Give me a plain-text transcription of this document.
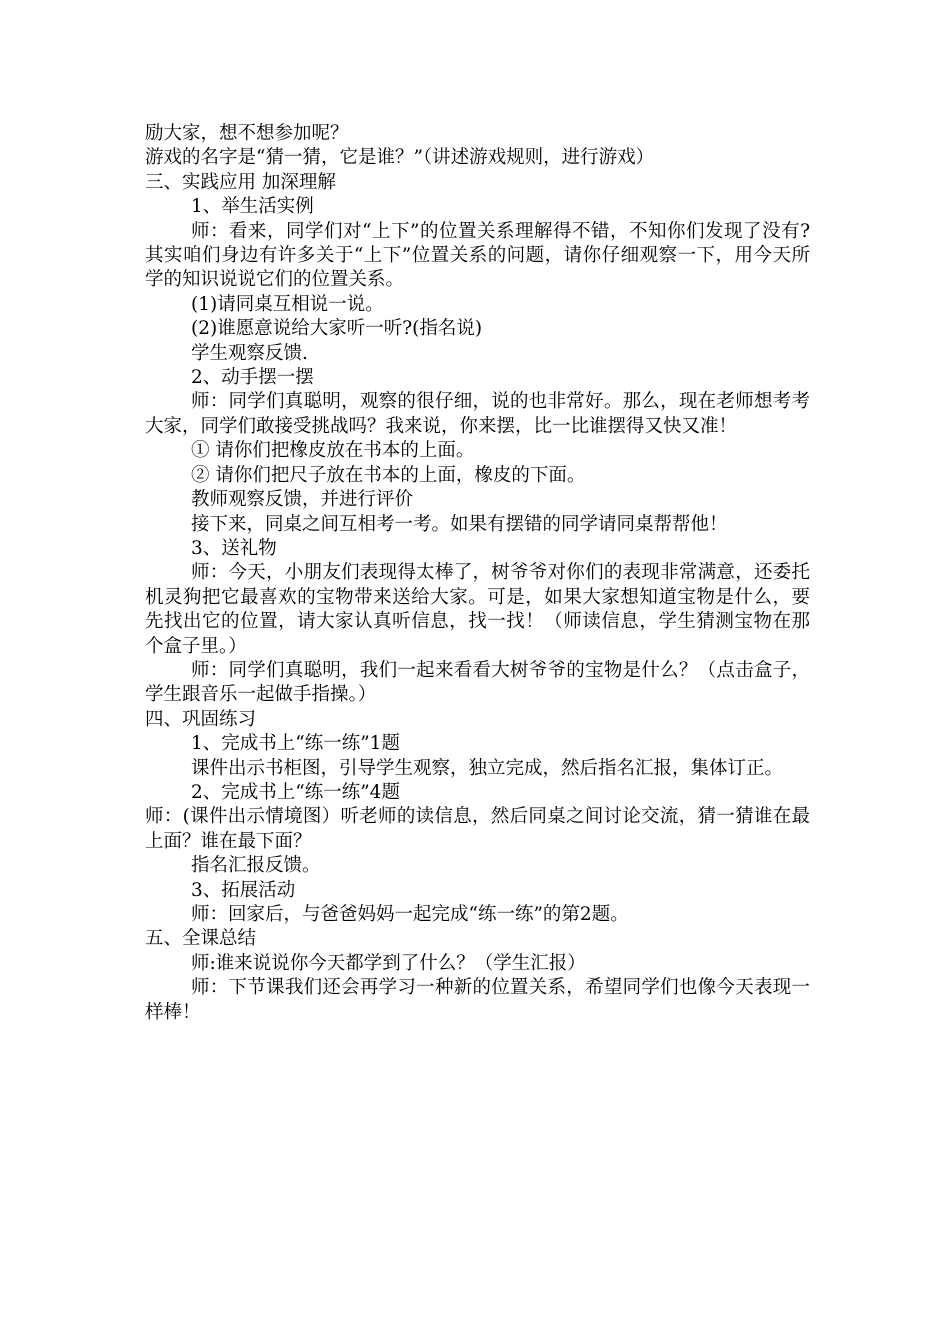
励大家，想不想参加呢？

游戏的名字是“猜一猜，它是谁？”（讲述游戏规则，进行游戏）

三、实践应用 加深理解

1、举生活实例

师：看来，同学们对“上下”的位置关系理解得不错，不知你们发现了没有?其实咱们身边有许多关于“上下”位置关系的问题，请你仔细观察一下，用今天所学的知识说说它们的位置关系。

(1)请同桌互相说一说。

(2)谁愿意说给大家听一听?(指名说)

学生观察反馈.

2、动手摆一摆

师：同学们真聪明，观察的很仔细，说的也非常好。那么，现在老师想考考大家，同学们敢接受挑战吗？我来说，你来摆，比一比谁摆得又快又准！

① 请你们把橡皮放在书本的上面。

② 请你们把尺子放在书本的上面，橡皮的下面。

教师观察反馈，并进行评价

接下来，同桌之间互相考一考。如果有摆错的同学请同桌帮帮他！

3、送礼物

师：今天，小朋友们表现得太棒了，树爷爷对你们的表现非常满意，还委托机灵狗把它最喜欢的宝物带来送给大家。可是，如果大家想知道宝物是什么，要先找出它的位置，请大家认真听信息，找一找！（师读信息，学生猜测宝物在那个盒子里。）

师：同学们真聪明，我们一起来看看大树爷爷的宝物是什么？（点击盒子，学生跟音乐一起做手指操。）

四、巩固练习

1、完成书上“练一练”1题

课件出示书柜图，引导学生观察，独立完成，然后指名汇报，集体订正。

2、完成书上“练一练”4题

师：(课件出示情境图）听老师的读信息，然后同桌之间讨论交流，猜一猜谁在最上面？谁在最下面？

指名汇报反馈。

3、拓展活动

师：回家后，与爸爸妈妈一起完成“练一练”的第2题。

五、全课总结

师:谁来说说你今天都学到了什么？（学生汇报）

师：下节课我们还会再学习一种新的位置关系，希望同学们也像今天表现一样棒！
